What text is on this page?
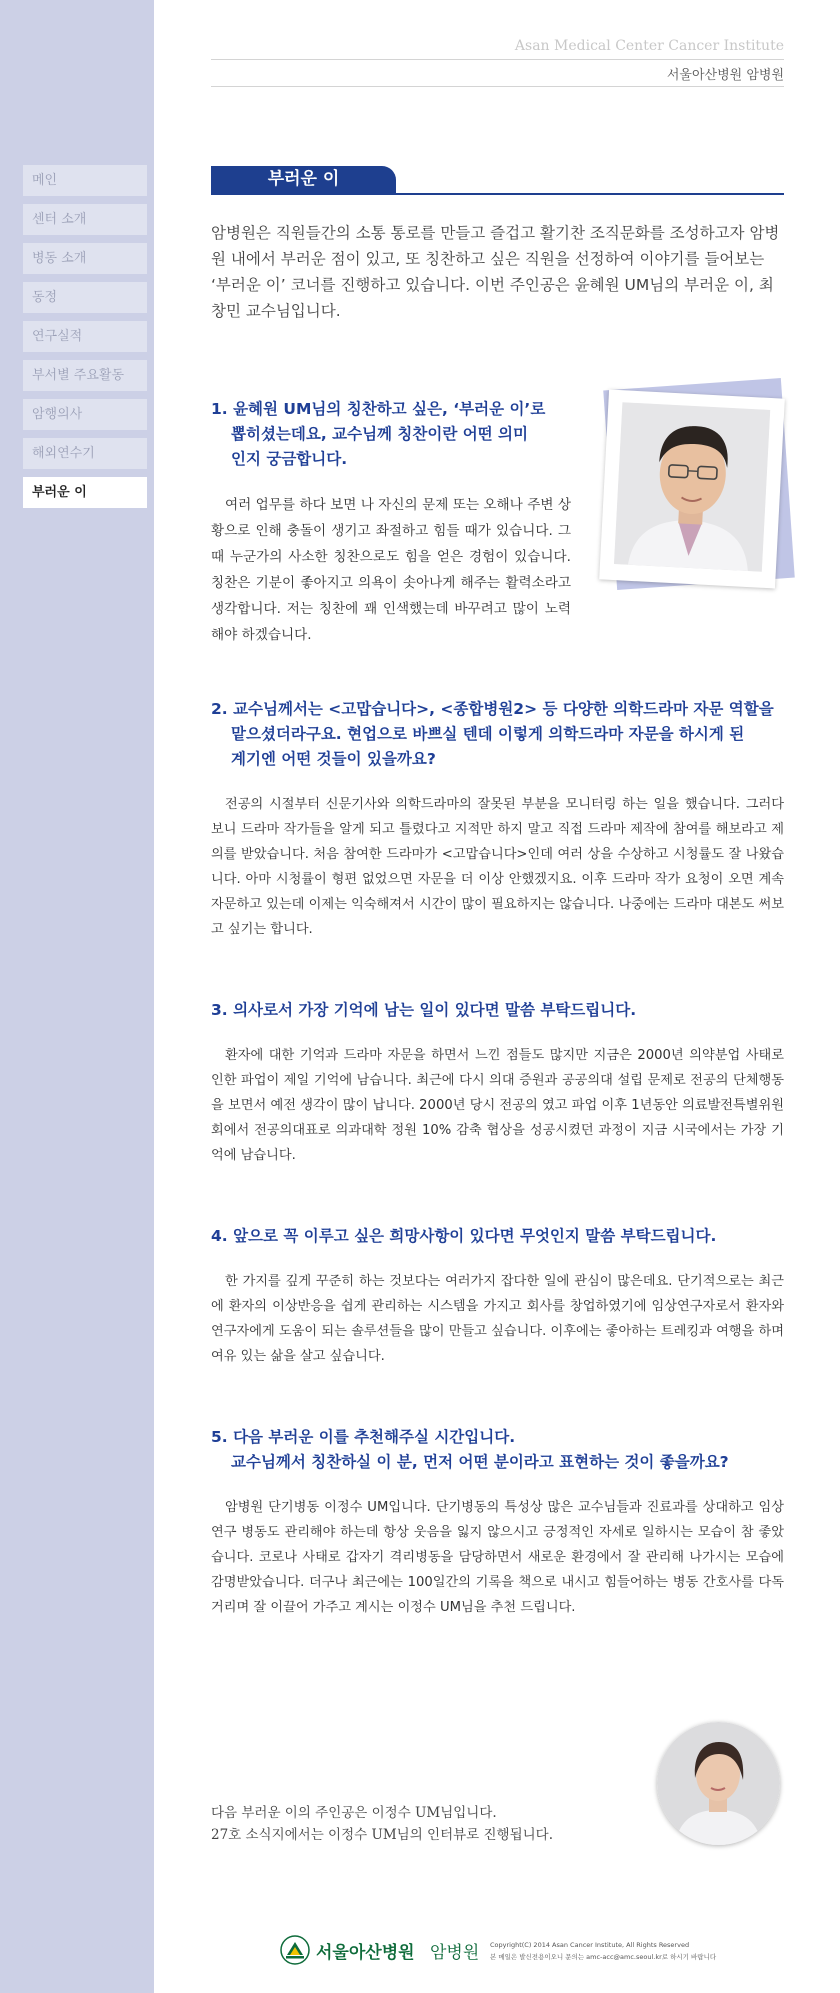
메인
센터 소개
병동 소개
동정
연구실적
부서별 주요활동
암행의사
해외연수기
부러운 이
Asan Medical Center Cancer Institute
서울아산병원 암병원
부러운 이
암병원은 직원들간의 소통 통로를 만들고 즐겁고 활기찬 조직문화를 조성하고자 암병원 내에서 부러운 점이 있고, 또 칭찬하고 싶은 직원을 선정하여 이야기를 들어보는 ‘부러운 이’ 코너를 진행하고 있습니다. 이번 주인공은 윤혜원 UM님의 부러운 이, 최창민 교수님입니다.

1. 윤혜원 UM님의 칭찬하고 싶은, ‘부러운 이’로
뽑히셨는데요, 교수님께 칭찬이란 어떤 의미
인지 궁금합니다.

여러 업무를 하다 보면 나 자신의 문제 또는 오해나 주변 상황으로 인해 충돌이 생기고 좌절하고 힘들 때가 있습니다. 그 때 누군가의 사소한 칭찬으로도 힘을 얻은 경험이 있습니다. 칭찬은 기분이 좋아지고 의욕이 솟아나게 해주는 활력소라고 생각합니다. 저는 칭찬에 꽤 인색했는데 바꾸려고 많이 노력해야 하겠습니다.

2. 교수님께서는 <고맙습니다>, <종합병원2> 등 다양한 의학드라마 자문 역할을
맡으셨더라구요. 현업으로 바쁘실 텐데 이렇게 의학드라마 자문을 하시게 된
계기엔 어떤 것들이 있을까요?

전공의 시절부터 신문기사와 의학드라마의 잘못된 부분을 모니터링 하는 일을 했습니다. 그러다 보니 드라마 작가들을 알게 되고 틀렸다고 지적만 하지 말고 직접 드라마 제작에 참여를 해보라고 제의를 받았습니다. 처음 참여한 드라마가 <고맙습니다>인데 여러 상을 수상하고 시청률도 잘 나왔습니다. 아마 시청률이 형편 없었으면 자문을 더 이상 안했겠지요. 이후 드라마 작가 요청이 오면 계속 자문하고 있는데 이제는 익숙해져서 시간이 많이 필요하지는 않습니다. 나중에는 드라마 대본도 써보고 싶기는 합니다.

3. 의사로서 가장 기억에 남는 일이 있다면 말씀 부탁드립니다.

환자에 대한 기억과 드라마 자문을 하면서 느낀 점들도 많지만 지금은 2000년 의약분업 사태로 인한 파업이 제일 기억에 남습니다. 최근에 다시 의대 증원과 공공의대 설립 문제로 전공의 단체행동을 보면서 예전 생각이 많이 납니다. 2000년 당시 전공의 였고 파업 이후 1년동안 의료발전특별위원회에서 전공의대표로 의과대학 정원 10% 감축 협상을 성공시켰던 과정이 지금 시국에서는 가장 기억에 남습니다.

4. 앞으로 꼭 이루고 싶은 희망사항이 있다면 무엇인지 말씀 부탁드립니다.

한 가지를 깊게 꾸준히 하는 것보다는 여러가지 잡다한 일에 관심이 많은데요. 단기적으로는 최근에 환자의 이상반응을 쉽게 관리하는 시스템을 가지고 회사를 창업하였기에 임상연구자로서 환자와 연구자에게 도움이 되는 솔루션들을 많이 만들고 싶습니다. 이후에는 좋아하는 트레킹과 여행을 하며 여유 있는 삶을 살고 싶습니다.

5. 다음 부러운 이를 추천해주실 시간입니다.
교수님께서 칭찬하실 이 분, 먼저 어떤 분이라고 표현하는 것이 좋을까요?

암병원 단기병동 이정수 UM입니다. 단기병동의 특성상 많은 교수님들과 진료과를 상대하고 임상연구 병동도 관리해야 하는데 항상 웃음을 잃지 않으시고 긍정적인 자세로 일하시는 모습이 참 좋았습니다. 코로나 사태로 갑자기 격리병동을 담당하면서 새로운 환경에서 잘 관리해 나가시는 모습에 감명받았습니다. 더구나 최근에는 100일간의 기록을 책으로 내시고 힘들어하는 병동 간호사를 다독거리며 잘 이끌어 가주고 계시는 이정수 UM님을 추천 드립니다.

다음 부러운 이의 주인공은 이정수 UM님입니다.
27호 소식지에서는 이정수 UM님의 인터뷰로 진행됩니다.
서울아산병원 암병원 Copyright(C) 2014 Asan Cancer Institute, All Rights Reserved
본 메일은 발신전용이오니 문의는 amc-acc@amc.seoul.kr로 하시기 바랍니다
